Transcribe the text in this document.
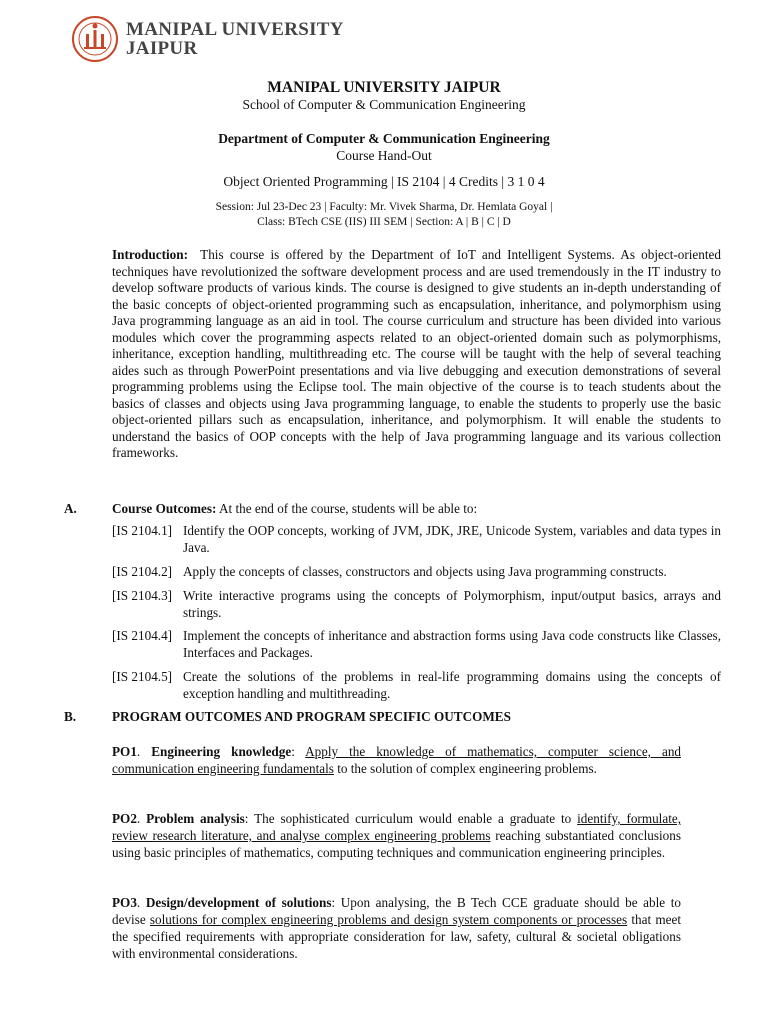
MANIPAL UNIVERSITY
JAIPUR
MANIPAL UNIVERSITY JAIPUR
School of Computer & Communication Engineering
Department of Computer & Communication Engineering
Course Hand-Out
Object Oriented Programming | IS 2104 | 4 Credits | 3 1 0 4
Session: Jul 23-Dec 23 | Faculty: Mr. Vivek Sharma, Dr. Hemlata Goyal |
Class: BTech CSE (IIS) III SEM | Section: A | B | C | D
Introduction: This course is offered by the Department of IoT and Intelligent Systems. As object-oriented techniques have revolutionized the software development process and are used tremendously in the IT industry to develop software products of various kinds. The course is designed to give students an in-depth understanding of the basic concepts of object-oriented programming such as encapsulation, inheritance, and polymorphism using Java programming language as an aid in tool. The course curriculum and structure has been divided into various modules which cover the programming aspects related to an object-oriented domain such as polymorphisms, inheritance, exception handling, multithreading etc. The course will be taught with the help of several teaching aides such as through PowerPoint presentations and via live debugging and execution demonstrations of several programming problems using the Eclipse tool. The main objective of the course is to teach students about the basics of classes and objects using Java programming language, to enable the students to properly use the basic object-oriented pillars such as encapsulation, inheritance, and polymorphism. It will enable the students to understand the basics of OOP concepts with the help of Java programming language and its various collection frameworks.
A.	Course Outcomes: At the end of the course, students will be able to:
[IS 2104.1] Identify the OOP concepts, working of JVM, JDK, JRE, Unicode System, variables and data types in Java.
[IS 2104.2] Apply the concepts of classes, constructors and objects using Java programming constructs.
[IS 2104.3] Write interactive programs using the concepts of Polymorphism, input/output basics, arrays and strings.
[IS 2104.4] Implement the concepts of inheritance and abstraction forms using Java code constructs like Classes, Interfaces and Packages.
[IS 2104.5] Create the solutions of the problems in real-life programming domains using the concepts of exception handling and multithreading.
B.	PROGRAM OUTCOMES AND PROGRAM SPECIFIC OUTCOMES
PO1. Engineering knowledge: Apply the knowledge of mathematics, computer science, and communication engineering fundamentals to the solution of complex engineering problems.
PO2. Problem analysis: The sophisticated curriculum would enable a graduate to identify, formulate, review research literature, and analyse complex engineering problems reaching substantiated conclusions using basic principles of mathematics, computing techniques and communication engineering principles.
PO3. Design/development of solutions: Upon analysing, the B Tech CCE graduate should be able to devise solutions for complex engineering problems and design system components or processes that meet the specified requirements with appropriate consideration for law, safety, cultural & societal obligations with environmental considerations.
